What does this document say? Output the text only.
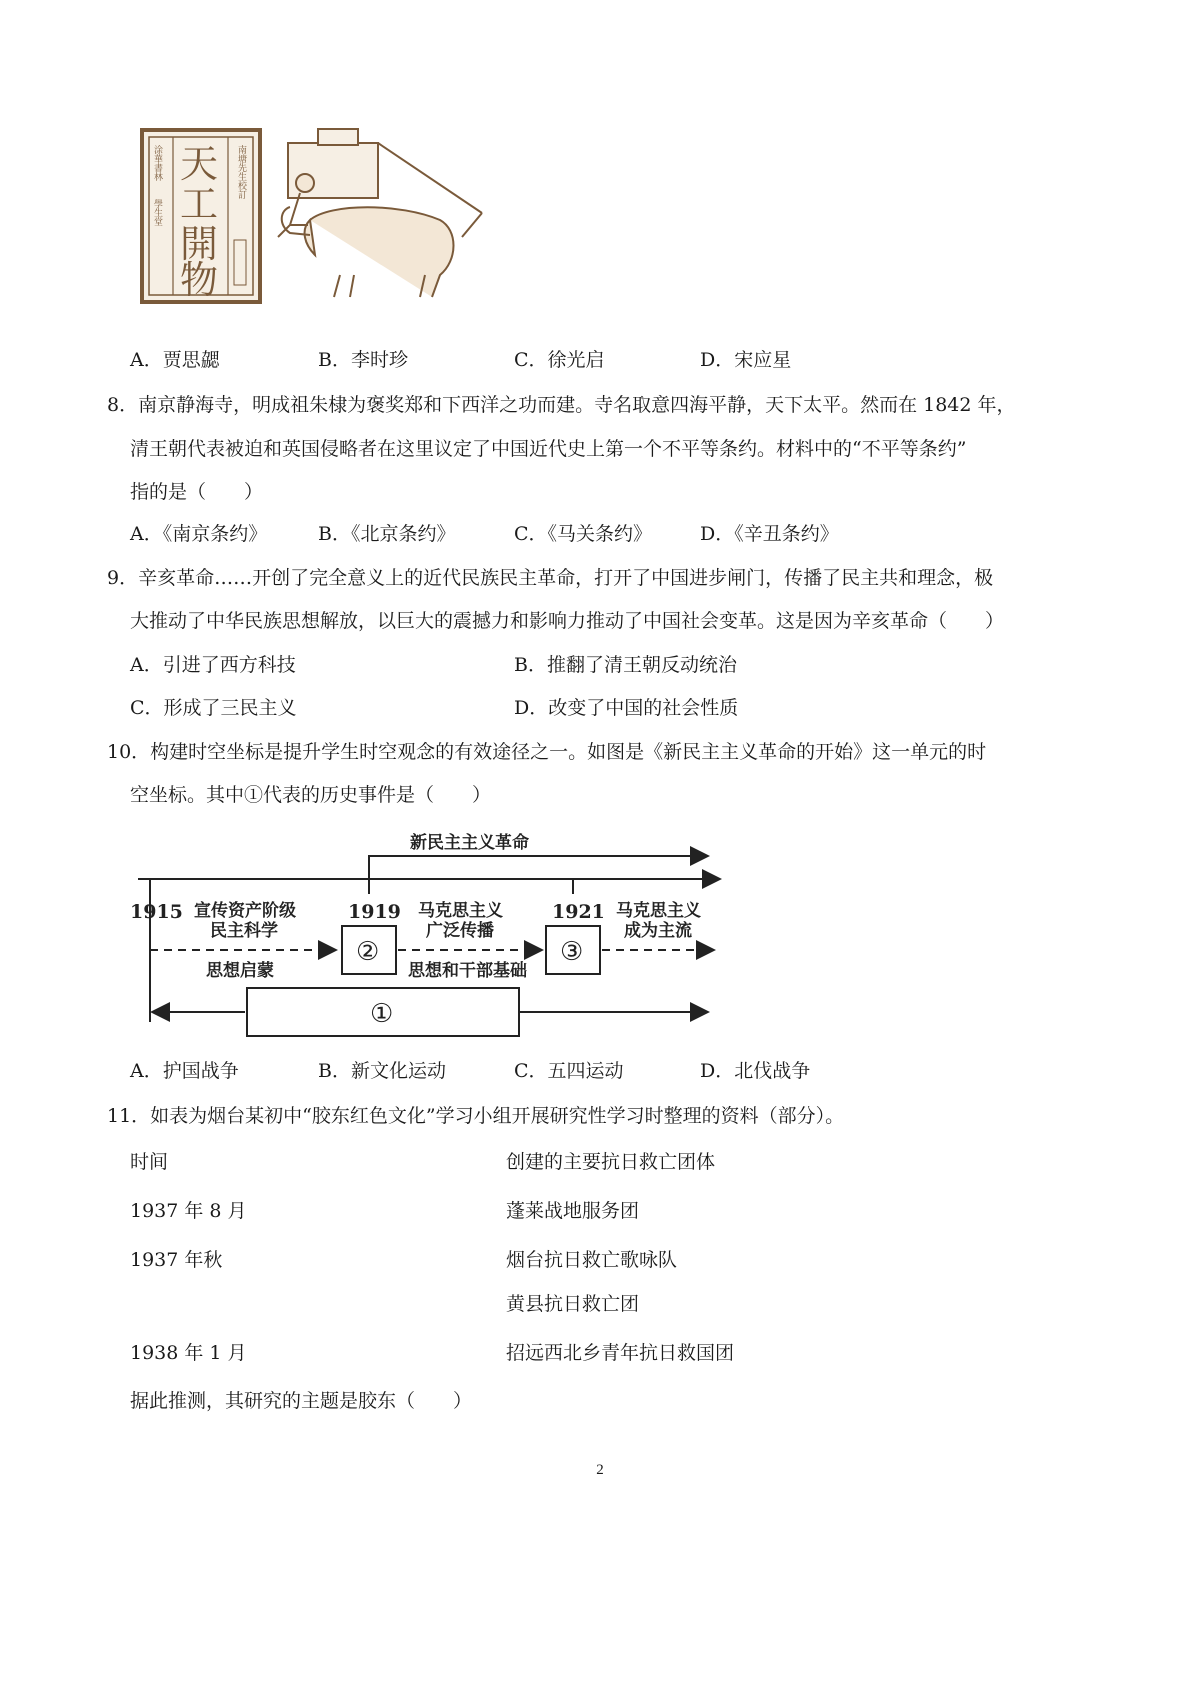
天
工
開
物
涂華書林　　學生堂	南塘先生校訂
A．贾思勰	B．李时珍	C．徐光启	D．宋应星
8．南京静海寺，明成祖朱棣为褒奖郑和下西洋之功而建。寺名取意四海平静，天下太平。然而在 1842 年，
清王朝代表被迫和英国侵略者在这里议定了中国近代史上第一个不平等条约。材料中的“不平等条约”
指的是（　　）
A．《南京条约》	B．《北京条约》	C．《马关条约》	D．《辛丑条约》
9．辛亥革命……开创了完全意义上的近代民族民主革命，打开了中国进步闸门，传播了民主共和理念，极
大推动了中华民族思想解放，以巨大的震撼力和影响力推动了中国社会变革。这是因为辛亥革命（　　）
A．引进了西方科技	B．推翻了清王朝反动统治
C．形成了三民主义	D．改变了中国的社会性质
10．构建时空坐标是提升学生时空观念的有效途径之一。如图是《新民主主义革命的开始》这一单元的时
空坐标。其中①代表的历史事件是（　　）
新民主主义革命
1915	1919	1921
宣传资产阶级
民主科学
马克思主义
广泛传播
马克思主义
成为主流
②	③
思想启蒙	思想和干部基础
①
A．护国战争	B．新文化运动	C．五四运动	D．北伐战争
11．如表为烟台某初中“胶东红色文化”学习小组开展研究性学习时整理的资料（部分）。
时间	创建的主要抗日救亡团体
1937 年 8 月	蓬莱战地服务团
1937 年秋	烟台抗日救亡歌咏队
黄县抗日救亡团
1938 年 1 月	招远西北乡青年抗日救国团
据此推测，其研究的主题是胶东（　　）
2
